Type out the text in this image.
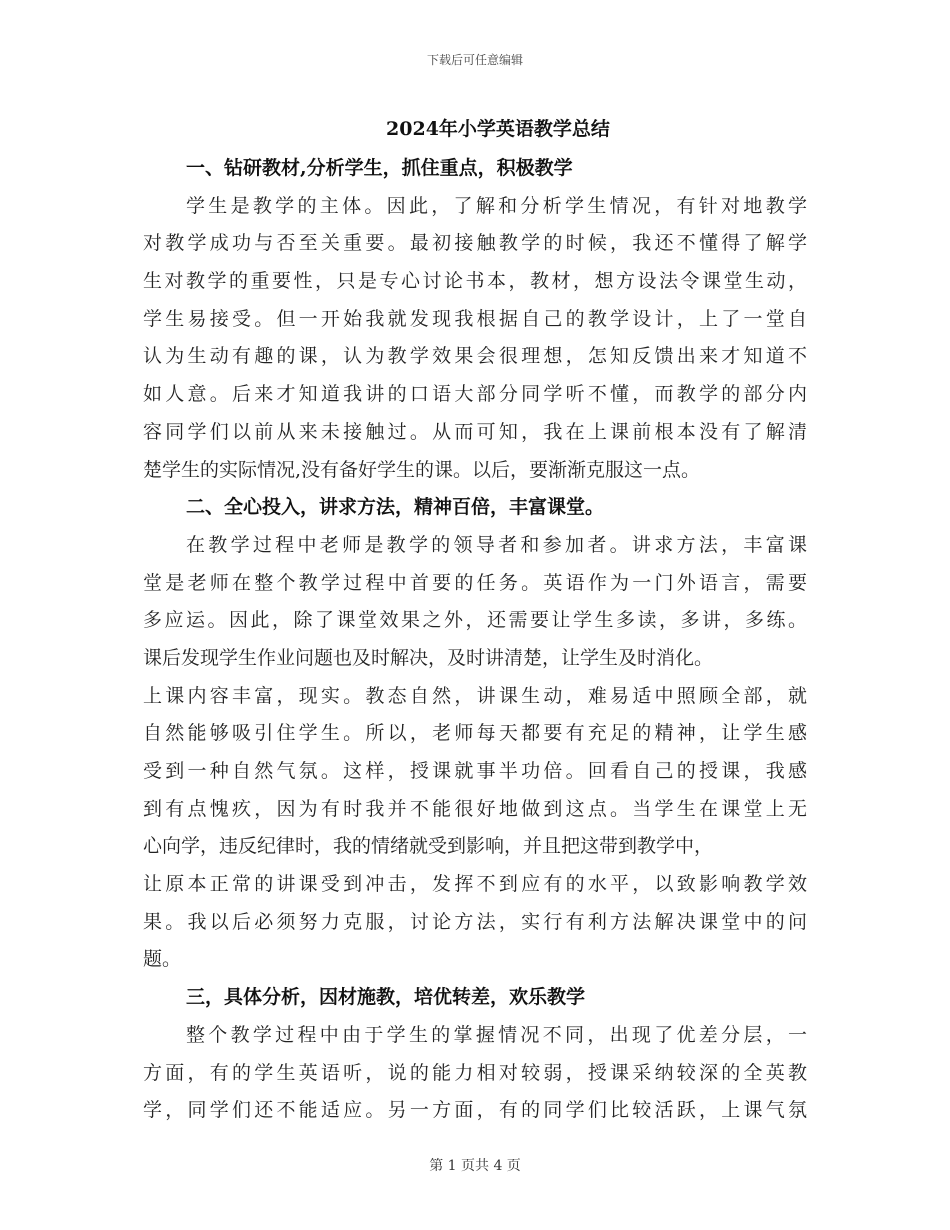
下载后可任意编辑
2024年小学英语教学总结
一、钻研教材,分析学生，抓住重点，积极教学
学生是教学的主体。因此，了解和分析学生情况，有针对地教学
对教学成功与否至关重要。最初接触教学的时候，我还不懂得了解学
生对教学的重要性，只是专心讨论书本，教材，想方设法令课堂生动，
学生易接受。但一开始我就发现我根据自己的教学设计，上了一堂自
认为生动有趣的课，认为教学效果会很理想，怎知反馈出来才知道不
如人意。后来才知道我讲的口语大部分同学听不懂，而教学的部分内
容同学们以前从来未接触过。从而可知，我在上课前根本没有了解清
楚学生的实际情况,没有备好学生的课。以后，要渐渐克服这一点。
二、全心投入，讲求方法，精神百倍，丰富课堂。
在教学过程中老师是教学的领导者和参加者。讲求方法，丰富课
堂是老师在整个教学过程中首要的任务。英语作为一门外语言，需要
多应运。因此，除了课堂效果之外，还需要让学生多读，多讲，多练。
课后发现学生作业问题也及时解决，及时讲清楚，让学生及时消化。
上课内容丰富，现实。教态自然，讲课生动，难易适中照顾全部，就
自然能够吸引住学生。所以，老师每天都要有充足的精神，让学生感
受到一种自然气氛。这样，授课就事半功倍。回看自己的授课，我感
到有点愧疚，因为有时我并不能很好地做到这点。当学生在课堂上无
心向学，违反纪律时，我的情绪就受到影响，并且把这带到教学中，
让原本正常的讲课受到冲击，发挥不到应有的水平，以致影响教学效
果。我以后必须努力克服，讨论方法，实行有利方法解决课堂中的问
题。
三，具体分析，因材施教，培优转差，欢乐教学
整个教学过程中由于学生的掌握情况不同，出现了优差分层，一
方面，有的学生英语听，说的能力相对较弱，授课采纳较深的全英教
学，同学们还不能适应。另一方面，有的同学们比较活跃，上课气氛
第 1 页共 4 页
